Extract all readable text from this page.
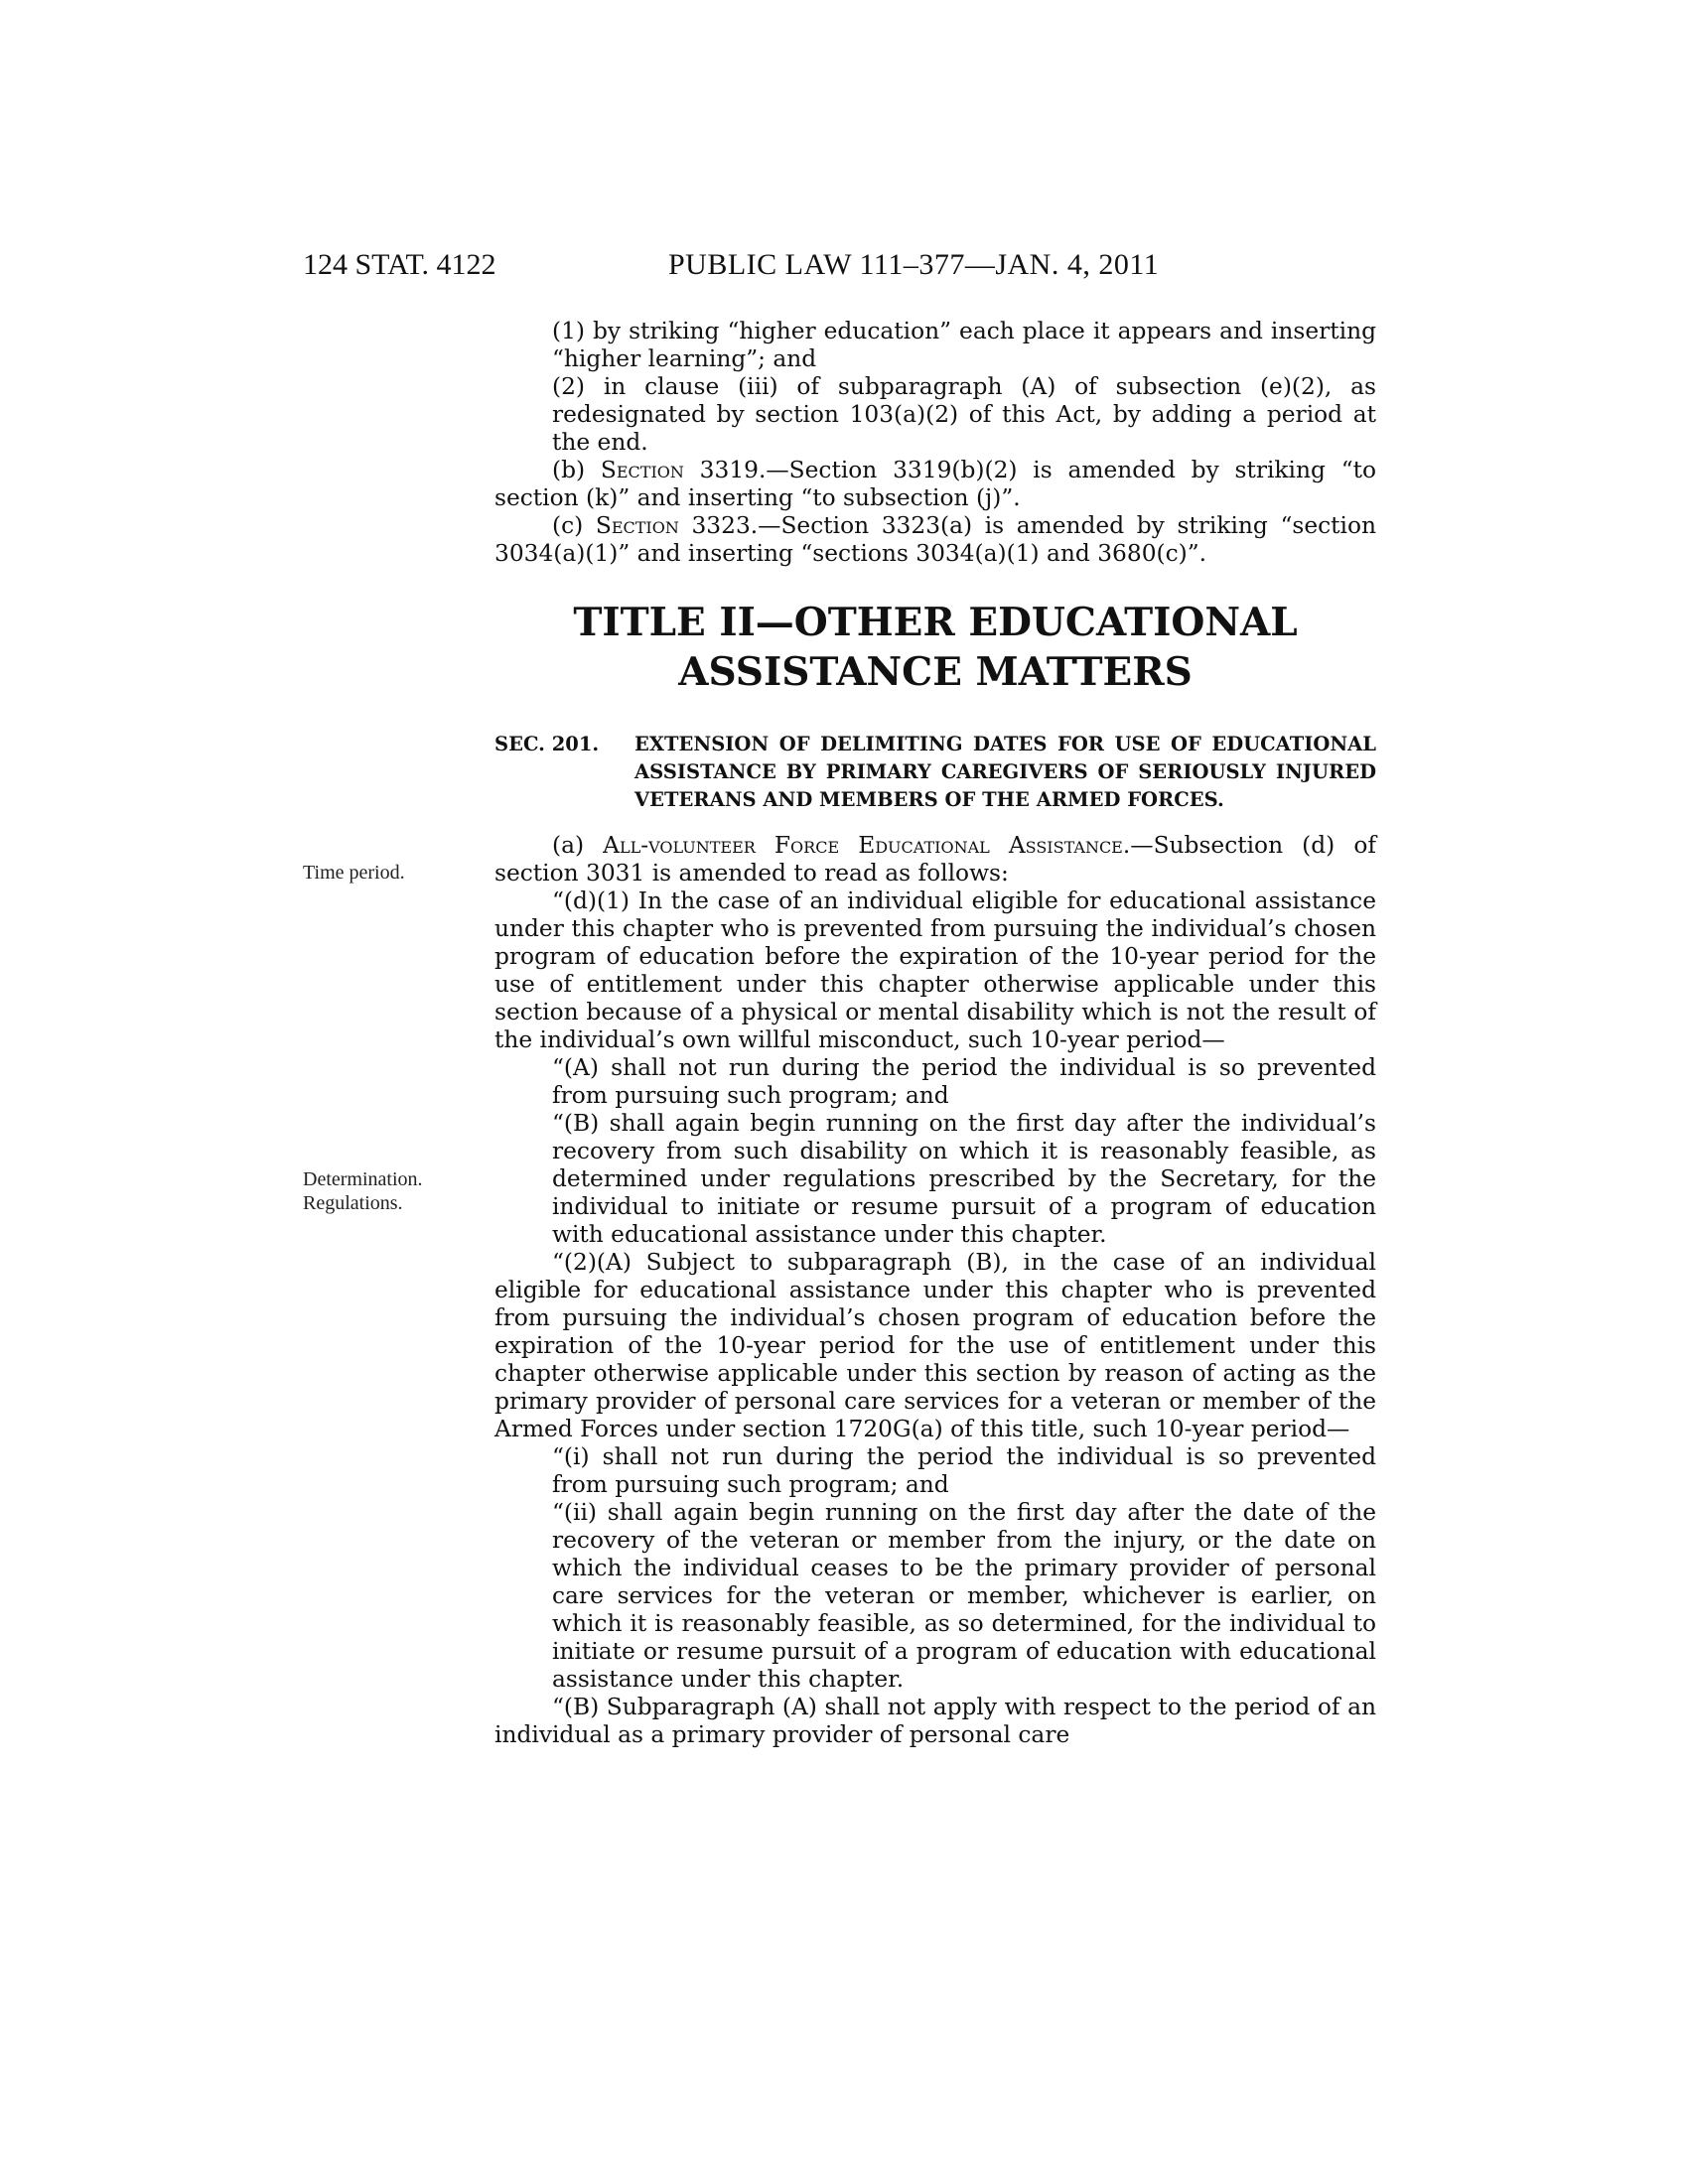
124 STAT. 4122	PUBLIC LAW 111–377—JAN. 4, 2011
Time period.
Determination.
Regulations.

(1) by striking “higher education” each place it appears and inserting “higher learning”; and

(2) in clause (iii) of subparagraph (A) of subsection (e)(2), as redesignated by section 103(a)(2) of this Act, by adding a period at the end.

(b) Section 3319.—Section 3319(b)(2) is amended by striking “to section (k)” and inserting “to subsection (j)”.

(c) Section 3323.—Section 3323(a) is amended by striking “section 3034(a)(1)” and inserting “sections 3034(a)(1) and 3680(c)”.

TITLE II—OTHER EDUCATIONAL
ASSISTANCE MATTERS
SEC. 201. EXTENSION OF DELIMITING DATES FOR USE OF EDUCATIONAL ASSISTANCE BY PRIMARY CAREGIVERS OF SERIOUSLY INJURED VETERANS AND MEMBERS OF THE ARMED FORCES.

(a) All-volunteer Force Educational Assistance.—Subsection (d) of section 3031 is amended to read as follows:

“(d)(1) In the case of an individual eligible for educational assistance under this chapter who is prevented from pursuing the individual’s chosen program of education before the expiration of the 10-year period for the use of entitlement under this chapter otherwise applicable under this section because of a physical or mental disability which is not the result of the individual’s own willful misconduct, such 10-year period—

“(A) shall not run during the period the individual is so prevented from pursuing such program; and

“(B) shall again begin running on the first day after the individual’s recovery from such disability on which it is reasonably feasible, as determined under regulations prescribed by the Secretary, for the individual to initiate or resume pursuit of a program of education with educational assistance under this chapter.

“(2)(A) Subject to subparagraph (B), in the case of an individual eligible for educational assistance under this chapter who is prevented from pursuing the individual’s chosen program of education before the expiration of the 10-year period for the use of entitlement under this chapter otherwise applicable under this section by reason of acting as the primary provider of personal care services for a veteran or member of the Armed Forces under section 1720G(a) of this title, such 10-year period—

“(i) shall not run during the period the individual is so prevented from pursuing such program; and

“(ii) shall again begin running on the first day after the date of the recovery of the veteran or member from the injury, or the date on which the individual ceases to be the primary provider of personal care services for the veteran or member, whichever is earlier, on which it is reasonably feasible, as so determined, for the individual to initiate or resume pursuit of a program of education with educational assistance under this chapter.

“(B) Subparagraph (A) shall not apply with respect to the period of an individual as a primary provider of personal care
